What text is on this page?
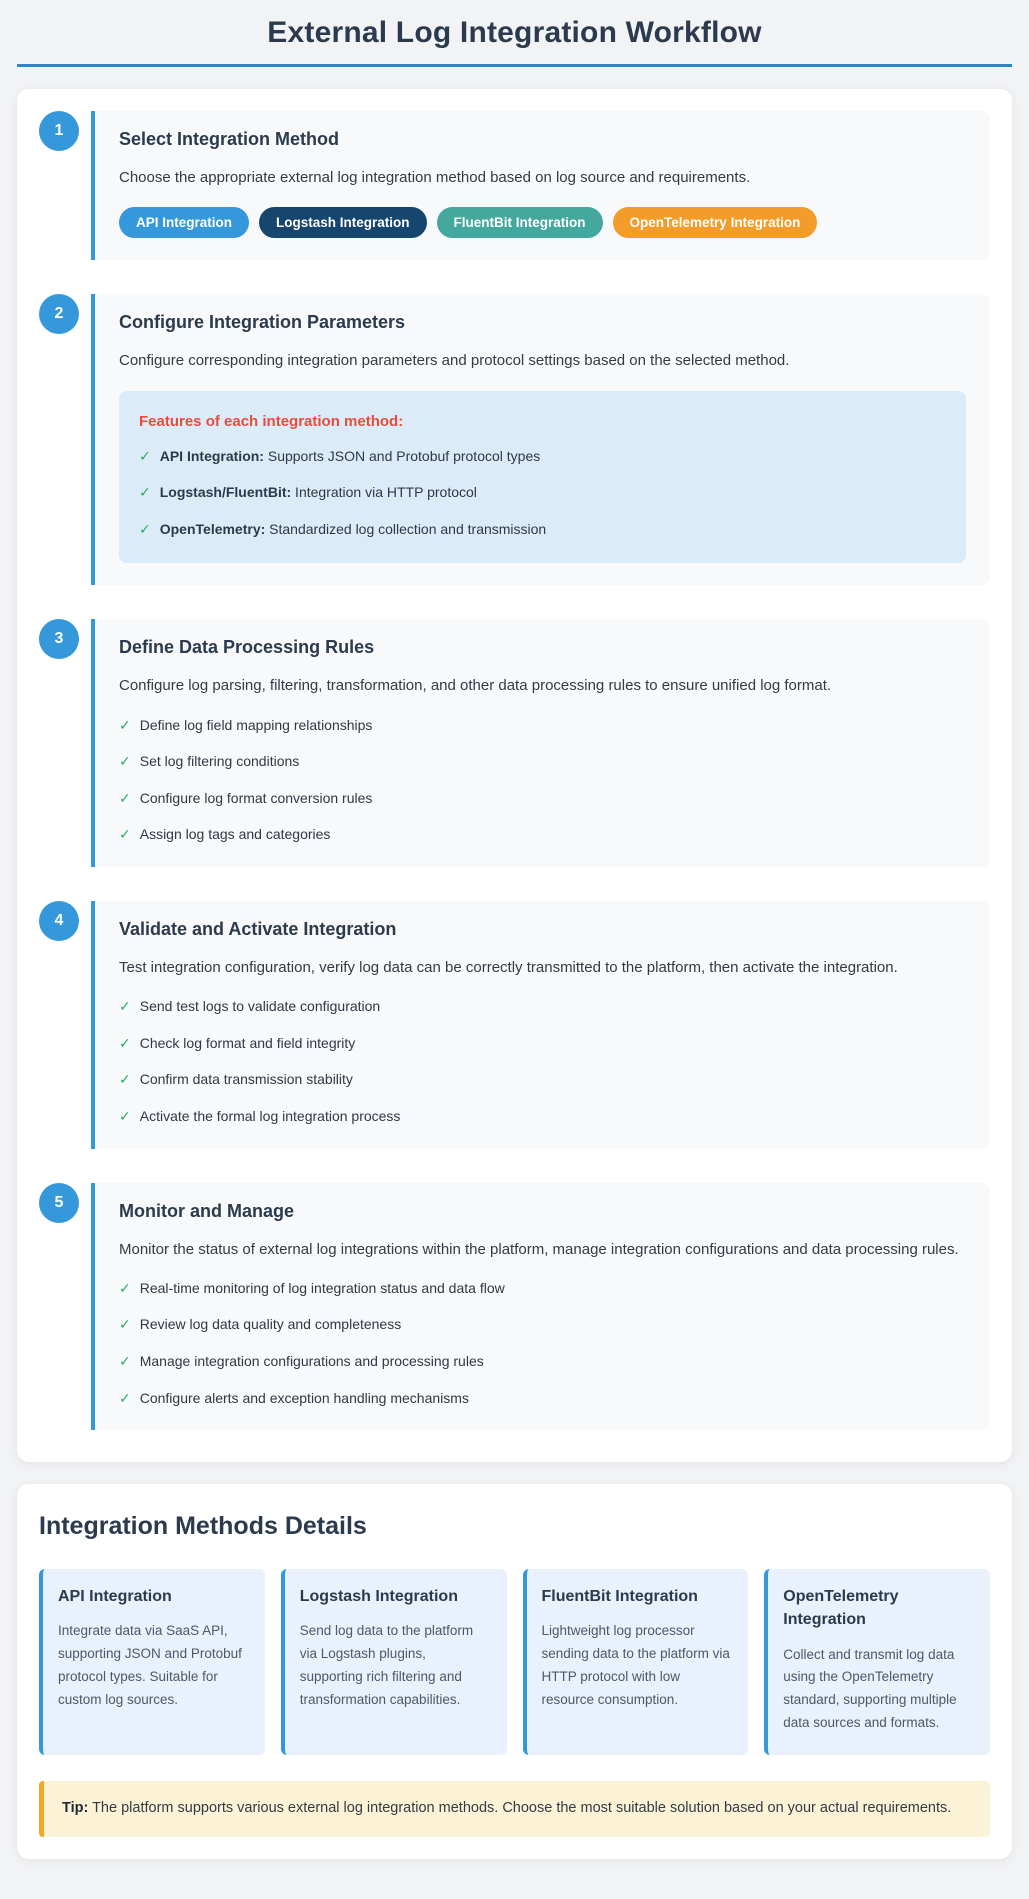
External Log Integration Workflow
1	Select Integration Method

Choose the appropriate external log integration method based on log source and requirements.

API Integration	Logstash Integration	FluentBit Integration	OpenTelemetry Integration
2	Configure Integration Parameters

Configure corresponding integration parameters and protocol settings based on the selected method.

Features of each integration method:

✓ API Integration: Supports JSON and Protobuf protocol types
✓ Logstash/FluentBit: Integration via HTTP protocol
✓ OpenTelemetry: Standardized log collection and transmission
3	Define Data Processing Rules

Configure log parsing, filtering, transformation, and other data processing rules to ensure unified log format.

✓ Define log field mapping relationships
✓ Set log filtering conditions
✓ Configure log format conversion rules
✓ Assign log tags and categories
4	Validate and Activate Integration

Test integration configuration, verify log data can be correctly transmitted to the platform, then activate the integration.

✓ Send test logs to validate configuration
✓ Check log format and field integrity
✓ Confirm data transmission stability
✓ Activate the formal log integration process
5	Monitor and Manage

Monitor the status of external log integrations within the platform, manage integration configurations and data processing rules.

✓ Real-time monitoring of log integration status and data flow
✓ Review log data quality and completeness
✓ Manage integration configurations and processing rules
✓ Configure alerts and exception handling mechanisms
Integration Methods Details
API Integration

Integrate data via SaaS API, supporting JSON and Protobuf protocol types. Suitable for custom log sources.

Logstash Integration

Send log data to the platform via Logstash plugins, supporting rich filtering and transformation capabilities.

FluentBit Integration

Lightweight log processor sending data to the platform via HTTP protocol with low resource consumption.

OpenTelemetry Integration

Collect and transmit log data using the OpenTelemetry standard, supporting multiple data sources and formats.

Tip: The platform supports various external log integration methods. Choose the most suitable solution based on your actual requirements.
